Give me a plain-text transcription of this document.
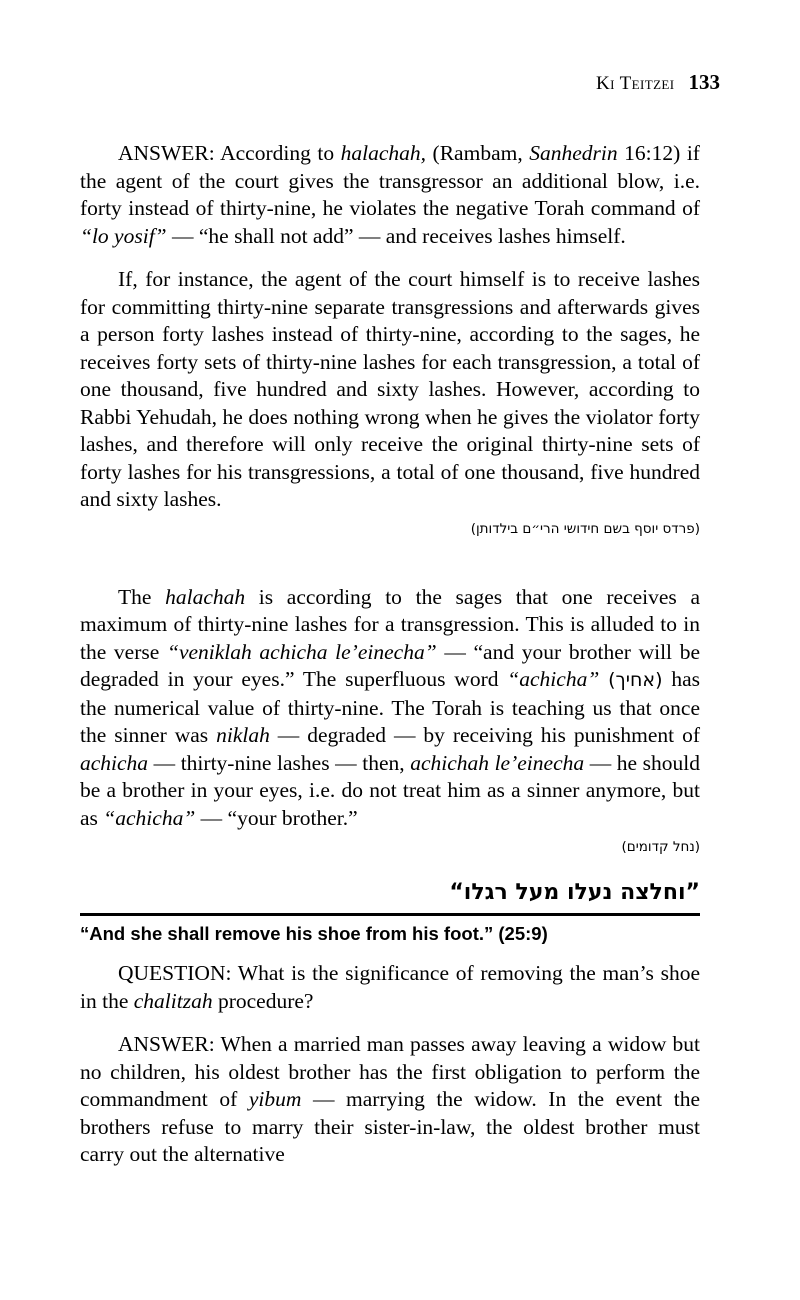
Ki Teitzei 133

ANSWER: According to halachah, (Rambam, Sanhedrin 16:12) if the agent of the court gives the transgressor an additional blow, i.e. forty instead of thirty-nine, he violates the negative Torah command of “lo yosif” — “he shall not add” — and receives lashes himself.

If, for instance, the agent of the court himself is to receive lashes for committing thirty-nine separate transgressions and afterwards gives a person forty lashes instead of thirty-nine, according to the sages, he receives forty sets of thirty-nine lashes for each transgression, a total of one thousand, five hundred and sixty lashes. However, according to Rabbi Yehudah, he does nothing wrong when he gives the violator forty lashes, and therefore will only receive the original thirty-nine sets of forty lashes for his transgressions, a total of one thousand, five hundred and sixty lashes.

(פרדס יוסף בשם חידושי הרי״ם בילדותן)

The halachah is according to the sages that one receives a maximum of thirty-nine lashes for a transgression. This is alluded to in the verse “veniklah achicha le’einecha” — “and your brother will be degraded in your eyes.” The superfluous word “achicha” (אחיך) has the numerical value of thirty-nine. The Torah is teaching us that once the sinner was niklah — degraded — by receiving his punishment of achicha — thirty-nine lashes — then, achichah le’einecha — he should be a brother in your eyes, i.e. do not treat him as a sinner anymore, but as “achicha” — “your brother.”

(נחל קדומים)
”וחלצה נעלו מעל רגלו“
“And she shall remove his shoe from his foot.” (25:9)

QUESTION: What is the significance of removing the man’s shoe in the chalitzah procedure?

ANSWER: When a married man passes away leaving a widow but no children, his oldest brother has the first obligation to perform the commandment of yibum — marrying the widow. In the event the brothers refuse to marry their sister-in-law, the oldest brother must carry out the alternative
